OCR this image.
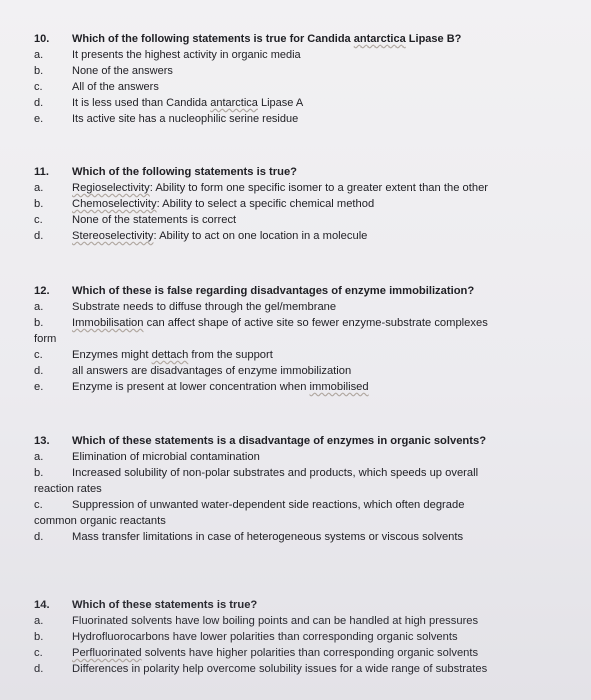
10. Which of the following statements is true for Candida antarctica Lipase B?
a.	It presents the highest activity in organic media
b.	None of the answers
c.	All of the answers
d.	It is less used than Candida antarctica Lipase A
e.	Its active site has a nucleophilic serine residue
11. Which of the following statements is true?
a.	Regioselectivity: Ability to form one specific isomer to a greater extent than the other
b.	Chemoselectivity: Ability to select a specific chemical method
c.	None of the statements is correct
d.	Stereoselectivity: Ability to act on one location in a molecule
12. Which of these is false regarding disadvantages of enzyme immobilization?
a.	Substrate needs to diffuse through the gel/membrane
b.	Immobilisation can affect shape of active site so fewer enzyme-substrate complexes
form
c.	Enzymes might dettach from the support
d.	all answers are disadvantages of enzyme immobilization
e.	Enzyme is present at lower concentration when immobilised
13. Which of these statements is a disadvantage of enzymes in organic solvents?
a.	Elimination of microbial contamination
b.	Increased solubility of non-polar substrates and products, which speeds up overall
reaction rates
c.	Suppression of unwanted water-dependent side reactions, which often degrade
common organic reactants
d.	Mass transfer limitations in case of heterogeneous systems or viscous solvents
14. Which of these statements is true?
a.	Fluorinated solvents have low boiling points and can be handled at high pressures
b.	Hydrofluorocarbons have lower polarities than corresponding organic solvents
c.	Perfluorinated solvents have higher polarities than corresponding organic solvents
d.	Differences in polarity help overcome solubility issues for a wide range of substrates
